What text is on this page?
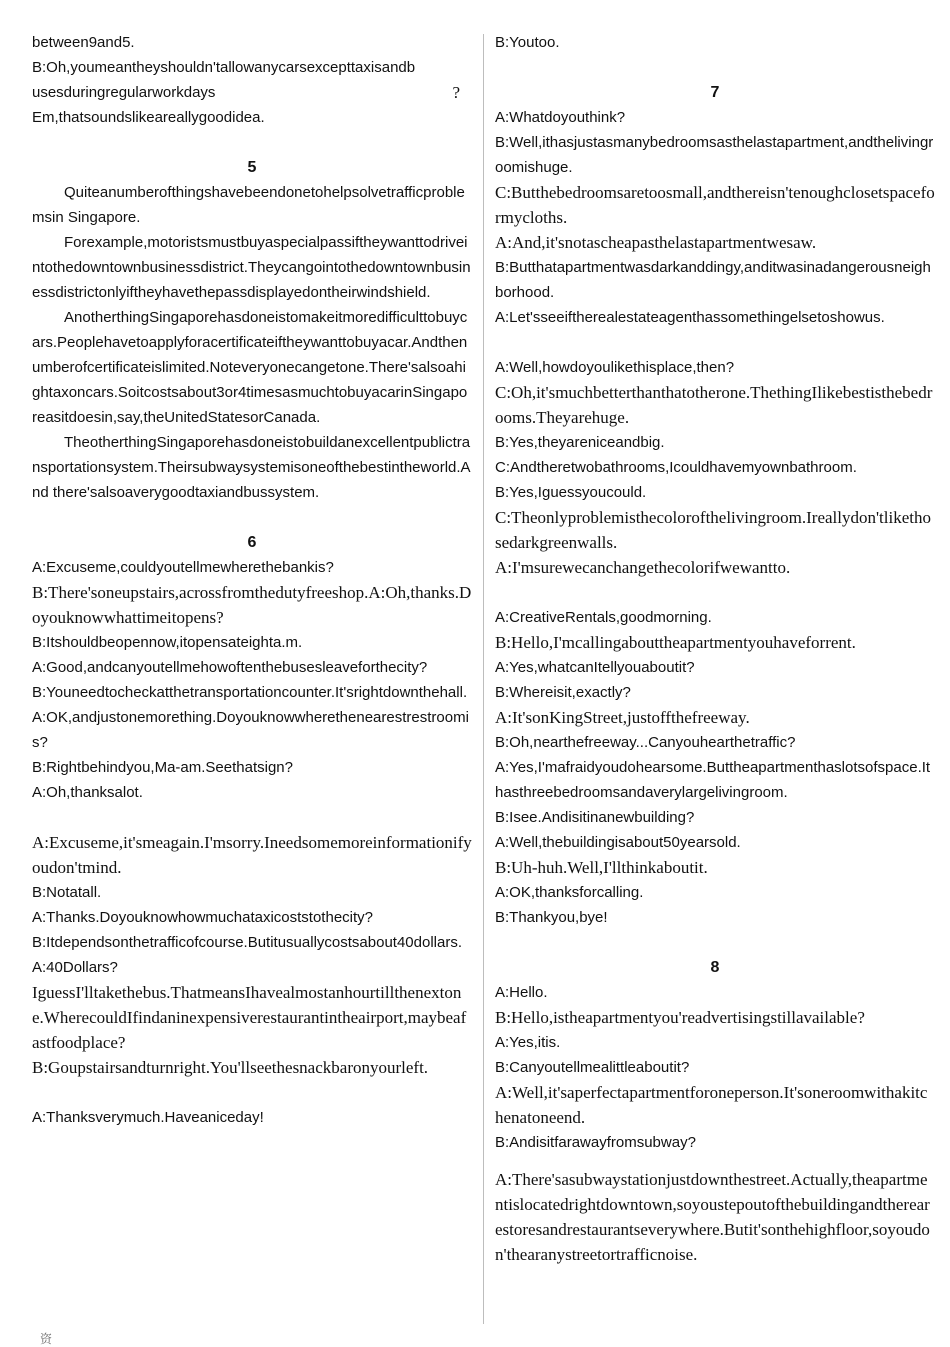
between9and5.

B:Oh,youmeantheyshouldn'tallowanycarsexcepttaxisandb

usesduringregularworkdays	?

Em,thatsoundslikeareallygoodidea.

5

Quiteanumberofthingshavebeendonetohelpsolvetrafficproblemsin Singapore.

Forexample,motoristsmustbuyaspecialpassiftheywanttodriveintothedowntownbusinessdistrict.Theycangointothedowntownbusinessdistrictonlyiftheyhavethepassdisplayedontheirwindshield.

AnotherthingSingaporehasdoneistomakeitmoredifficulttobuycars.Peoplehavetoapplyforacertificateiftheywanttobuyacar.Andthenumberofcertificateislimited.Noteveryonecangetone.There'salsoahightaxoncars.Soitcostsabout3or4timesasmuchtobuyacarinSingaporeasitdoesin,say,theUnitedStatesorCanada.

TheotherthingSingaporehasdoneistobuildanexcellentpublictransportationsystem.Theirsubwaysystemisoneofthebestintheworld.And there'salsoaverygoodtaxiandbussystem.

6

A:Excuseme,couldyoutellmewherethebankis?

B:There'soneupstairs,acrossfromthedutyfreeshop.A:Oh,thanks.Doyouknowwhattimeitopens?

B:Itshouldbeopennow,itopensateighta.m.

A:Good,andcanyoutellmehowoftenthebusesleaveforthecity?

B:Youneedtocheckatthetransportationcounter.It'srightdownthehall.

A:OK,andjustonemorething.Doyouknowwherethenearestrestroomis?

B:Rightbehindyou,Ma-am.Seethatsign?

A:Oh,thanksalot.

A:Excuseme,it'smeagain.I'msorry.Ineedsomemoreinformationifyoudon'tmind.

B:Notatall.

A:Thanks.Doyouknowhowmuchataxicoststothecity?

B:Itdependsonthetrafficofcourse.Butitusuallycostsabout40dollars.

A:40Dollars?

IguessI'lltakethebus.ThatmeansIhavealmostanhourtillthenextone.WherecouldIfindaninexpensiverestaurantintheairport,maybeafastfoodplace?

B:Goupstairsandturnright.You'llseethesnackbaronyourleft.

A:Thanksverymuch.Haveaniceday!

B:Youtoo.

7

A:Whatdoyouthink?

B:Well,ithasjustasmanybedroomsasthelastapartment,andthelivingroomishuge.

C:Butthebedroomsaretoosmall,andthereisn'tenoughclosetspaceformycloths.

A:And,it'snotascheapasthelastapartmentwesaw.

B:Butthatapartmentwasdarkanddingy,anditwasinadangerousneighborhood.

A:Let'sseeiftherealestateagenthassomethingelsetoshowus.

A:Well,howdoyoulikethisplace,then?

C:Oh,it'smuchbetterthanthatotherone.ThethingIlikebestisthebedrooms.Theyarehuge.

B:Yes,theyareniceandbig.

C:Andtheretwobathrooms,Icouldhavemyownbathroom.

B:Yes,Iguessyoucould.

C:Theonlyproblemisthecolorofthelivingroom.Ireallydon'tlikethosedarkgreenwalls.

A:I'msurewecanchangethecolorifwewantto.

A:CreativeRentals,goodmorning.

B:Hello,I'mcallingabouttheapartmentyouhaveforrent.

A:Yes,whatcanItellyouaboutit?

B:Whereisit,exactly?

A:It'sonKingStreet,justoffthefreeway.

B:Oh,nearthefreeway...Canyouhearthetraffic?

A:Yes,I'mafraidyoudohearsome.Buttheapartmenthaslotsofspace.Ithasthreebedroomsandaverylargelivingroom.

B:Isee.Andisitinanewbuilding?

A:Well,thebuildingisabout50yearsold.

B:Uh-huh.Well,I'llthinkaboutit.

A:OK,thanksforcalling.

B:Thankyou,bye!

8

A:Hello.

B:Hello,istheapartmentyou'readvertisingstillavailable?

A:Yes,itis.

B:Canyoutellmealittleaboutit?

A:Well,it'saperfectapartmentforoneperson.It'soneroomwithakitchenatoneend.

B:Andisitfarawayfromsubway?

A:There'sasubwaystationjustdownthestreet.Actually,theapartmentislocatedrightdowntown,soyoustepoutofthebuildingandtherearestoresandrestaurantseverywhere.Butit'sonthehighfloor,soyoudon'thearanystreetortrafficnoise.

资
